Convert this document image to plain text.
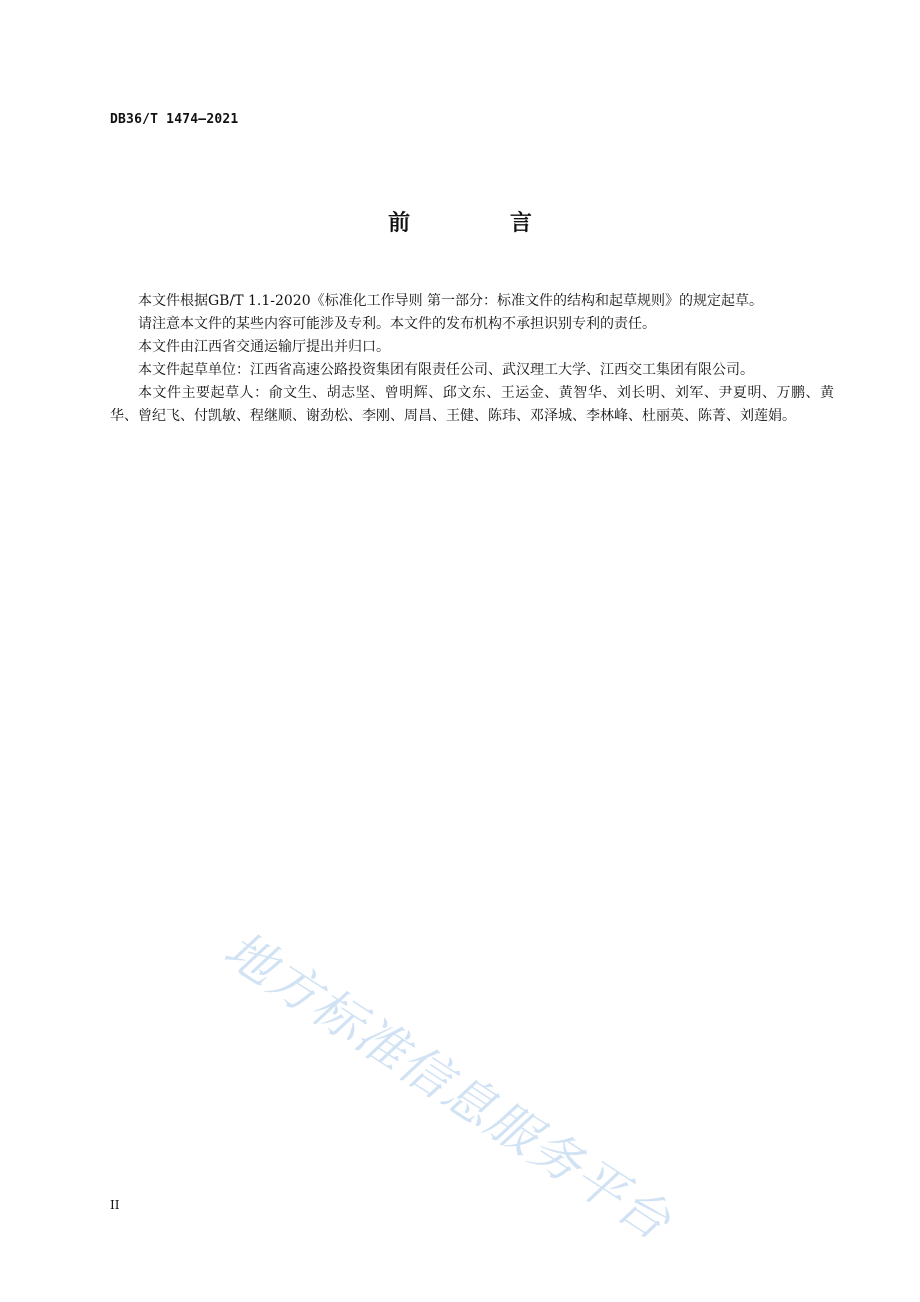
DB36/T 1474—2021
前 言

本文件根据GB/T 1.1-2020《标准化工作导则 第一部分：标准文件的结构和起草规则》的规定起草。

请注意本文件的某些内容可能涉及专利。本文件的发布机构不承担识别专利的责任。

本文件由江西省交通运输厅提出并归口。

本文件起草单位：江西省高速公路投资集团有限责任公司、武汉理工大学、江西交工集团有限公司。

本文件主要起草人：俞文生、胡志坚、曾明辉、邱文东、王运金、黄智华、刘长明、刘军、尹夏明、万鹏、黄华、曾纪飞、付凯敏、程继顺、谢劲松、李刚、周昌、王健、陈玮、邓泽城、李林峰、杜丽英、陈菁、刘莲娟。

地方标准信息服务平台
II
